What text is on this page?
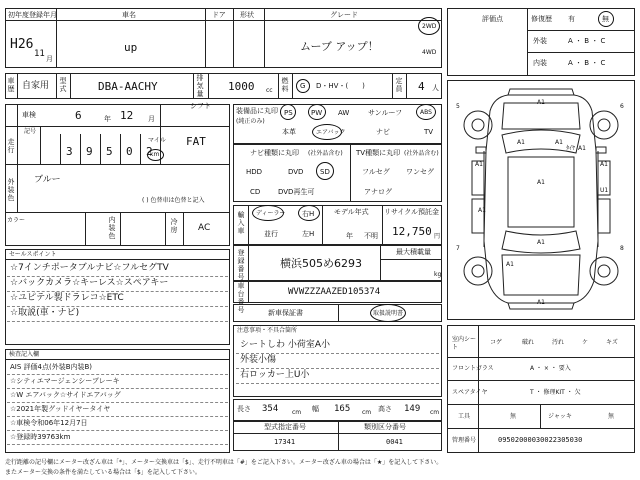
初年度登録年月	車名	ドア 形状	グレード
H26
11 月
up	ムーブ アップ！
2WD
4WD
車歴 自家用 型式	DBA-AACHY
排気量
1000 cc
燃料 G D・HV・(　　)
定員 4 人
車検	6	年 12 月
シフト
FAT
走行
記号
3 9 5 0 2
マイル
km
外装色
ブルー
( ) 色替車は色替と記入
カラー	内装色
冷房 AC
装備品に丸印
(純正のみ)
PS	PW AW	サンルーフ	ABS
本革	エアバック	ナビ	TV
ナビ種類に丸印 (社外品含む)
HDD	DVD SD
CD	DVD再生可
TV種類に丸印 (社外品含む)
フルセグ ワンセグ
アナログ
輸入車
ディーラー 右H
並行	左H
モデル年式
年 不明
リサイクル預託金
12,750 円
セールスポイント
☆7インチポータブルナビ☆フルセグTV
☆バックカメラ☆キーレス☆スペアキー
☆ユピテル製ドラレコ☆ETC
☆取説(車・ナビ)
登録番号
横浜505め6293
最大積載量
kg
車台番号
WVWZZZAAZED105374
新車保証書	取扱説明書
検査記入欄
AIS 評価4点(外装B内装B)
☆シティエマージェンシーブレーキ
☆W エアバック☆サイドエアバッグ
☆2021年製グッドイヤータイヤ
☆車検令和06年12月7日
☆登録時39763km
注意事項・不具合箇所
シートしわ 小荷室A小
外装小傷
右ロッカー上U小
長さ 354 cm 幅 165 cm 高さ 149 cm
型式指定番号	類別区分番号
17341	0041
評価点	修復歴 有	無
外装	A ・ B ・ C
内装	A ・ B ・ C
5	6
7	8
A1
A1	A1
A1	A1
A1
A1
U1
A1
A1
A1
ﾀｲﾔ A1
室内シート
コゲ	破れ	汚れ	ケ	キズ
フロントガラス	A ・ × ・ 要入
スペアタイヤ	T ・ 修理KIT ・ 欠
工具	無	ジャッキ	無
管理番号	09502000030022305030
走行距離の記号欄にメーター改ざん車は「*」、メーター交換車は「$」、走行不明車は「#」をご記入下さい。メーター改ざん車の場合は「★」を記入して下さい。
またメーター交換の条件を満たしている場合は「$」を記入して下さい。
